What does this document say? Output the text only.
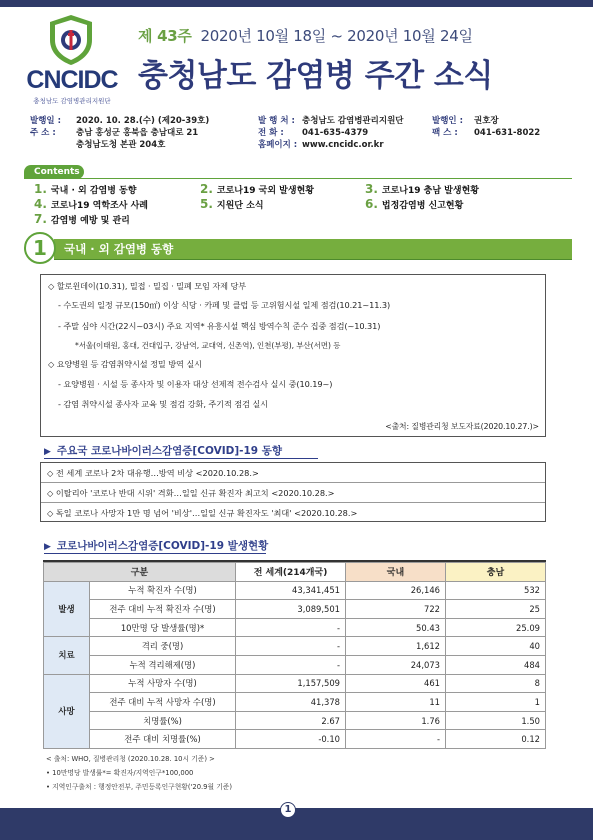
CNCIDC
충청남도 감염병관리지원단
제 43주 2020년 10월 18일 ~ 2020년 10월 24일
충청남도 감염병 주간 소식
발행일 : 2020. 10. 28.(수) (제20-39호)
주 소 : 충남 홍성군 홍북읍 충남대로 21
충청남도청 본관 204호
발 행 처 : 충청남도 감염병관리지원단
전 화 : 041-635-4379
홈페이지 : www.cncidc.or.kr
발행인 : 권호장
팩 스 : 041-631-8022
Contents
1. 국내 · 외 감염병 동향	2. 코로나19 국외 발생현황	3. 코로나19 충남 발생현황
4. 코로나19 역학조사 사례	5. 지원단 소식	6. 법정감염병 신고현황
7. 감염병 예방 및 관리
국내 · 외 감염병 동향
1
◇ 할로윈데이(10.31), 밀접 · 밀집 · 밀폐 모임 자제 당부
- 수도권의 일정 규모(150㎡) 이상 식당 · 카페 및 클럽 등 고위험시설 일제 점검(10.21~11.3)
- 주말 심야 시간(22시~03시) 주요 지역* 유흥시설 핵심 방역수칙 준수 집중 점검(~10.31)
*서울(이태원, 홍대, 건대입구, 강남역, 교대역, 신촌역), 인천(부평), 부산(서면) 등
◇ 요양병원 등 감염취약시설 정밀 방역 실시
- 요양병원 · 시설 등 종사자 및 이용자 대상 선제적 전수검사 실시 중(10.19~)
- 감염 취약시설 종사자 교육 및 점검 강화, 주기적 점검 실시
<출처: 질병관리청 보도자료(2020.10.27.)>
▶ 주요국 코로나바이러스감염증[COVID]-19 동향
◇ 전 세계 코로나 2차 대유행…방역 비상 <2020.10.28.>
◇ 이탈리아 '코로나 반대 시위' 격화…일일 신규 확진자 최고치 <2020.10.28.>
◇ 독일 코로나 사망자 1만 명 넘어 '비상'…일일 신규 확진자도 '최대' <2020.10.28.>
▶ 코로나바이러스감염증[COVID]-19 발생현황
구분		전 세계(214개국)	국내	충남
발생	누적 확진자 수(명)	43,341,451	26,146	532
	전주 대비 누적 확진자 수(명)	3,089,501	722	25
	10만명 당 발생률(명)*	-	50.43	25.09
치료	격리 중(명)	-	1,612	40
	누적 격리해제(명)	-	24,073	484
사망	누적 사망자 수(명)	1,157,509	461	8
	전주 대비 누적 사망자 수(명)	41,378	11	1
	치명률(%)	2.67	1.76	1.50
	전주 대비 치명률(%)	-0.10	-	0.12
< 출처: WHO, 질병관리청 (2020.10.28. 10시 기준) >
• 10만명당 발생률*= 확진자/지역인구*100,000
• 지역인구출처 : 행정안전부, 주민등록인구현황('20.9월 기준)
1
